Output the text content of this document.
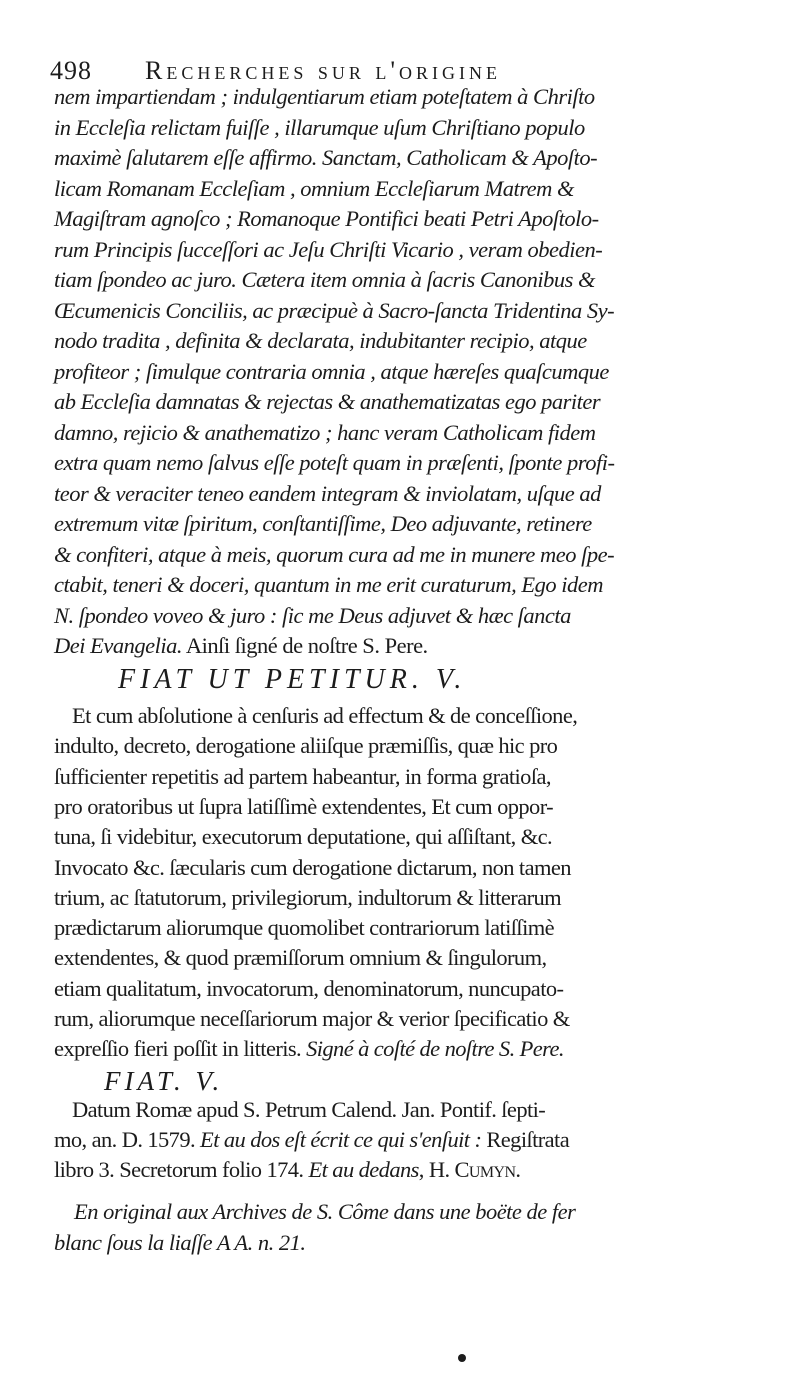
498 Recherches sur l'origine

nem impartiendam ; indulgentiarum etiam poteſtatem à Chriſto

in Eccleſia relictam fuiſſe , illarumque uſum Chriſtiano populo

maximè ſalutarem eſſe affirmo. Sanctam, Catholicam & Apoſto-

licam Romanam Eccleſiam , omnium Eccleſiarum Matrem &

Magiſtram agnoſco ; Romanoque Pontifici beati Petri Apoſtolo-

rum Principis ſucceſſori ac Jeſu Chriſti Vicario , veram obedien-

tiam ſpondeo ac juro. Cætera item omnia à ſacris Canonibus &

Œcumenicis Conciliis, ac præcipuè à Sacro-ſancta Tridentina Sy-

nodo tradita , definita & declarata, indubitanter recipio, atque

profiteor ; ſimulque contraria omnia , atque hæreſes quaſcumque

ab Eccleſia damnatas & rejectas & anathematizatas ego pariter

damno, rejicio & anathematizo ; hanc veram Catholicam fidem

extra quam nemo ſalvus eſſe poteſt quam in præſenti, ſponte profi-

teor & veraciter teneo eandem integram & inviolatam, uſque ad

extremum vitæ ſpiritum, conſtantiſſime, Deo adjuvante, retinere

& confiteri, atque à meis, quorum cura ad me in munere meo ſpe-

ctabit, teneri & doceri, quantum in me erit curaturum, Ego idem

N. ſpondeo voveo & juro : ſic me Deus adjuvet & hæc ſancta

Dei Evangelia. Ainſi ſigné de noſtre S. Pere.

FIAT UT PETITUR. V.

Et cum abſolutione à cenſuris ad effectum & de conceſſione,

indulto, decreto, derogatione aliiſque præmiſſis, quæ hic pro

ſufficienter repetitis ad partem habeantur, in forma gratioſa,

pro oratoribus ut ſupra latiſſimè extendentes, Et cum oppor-

tuna, ſi videbitur, executorum deputatione, qui aſſiſtant, &c.

Invocato &c. ſæcularis cum derogatione dictarum, non tamen

trium, ac ſtatutorum, privilegiorum, indultorum & litterarum

prædictarum aliorumque quomolibet contrariorum latiſſimè

extendentes, & quod præmiſſorum omnium & ſingulorum,

etiam qualitatum, invocatorum, denominatorum, nuncupato-

rum, aliorumque neceſſariorum major & verior ſpecificatio &

expreſſio fieri poſſit in litteris. Signé à coſté de noſtre S. Pere.

FIAT. V.

Datum Romæ apud S. Petrum Calend. Jan. Pontif. ſepti-

mo, an. D. 1579. Et au dos eſt écrit ce qui s'enſuit : Regiſtrata

libro 3. Secretorum folio 174. Et au dedans, H. Cumyn.

En original aux Archives de S. Côme dans une boëte de fer

blanc ſous la liaſſe A A. n. 21.
